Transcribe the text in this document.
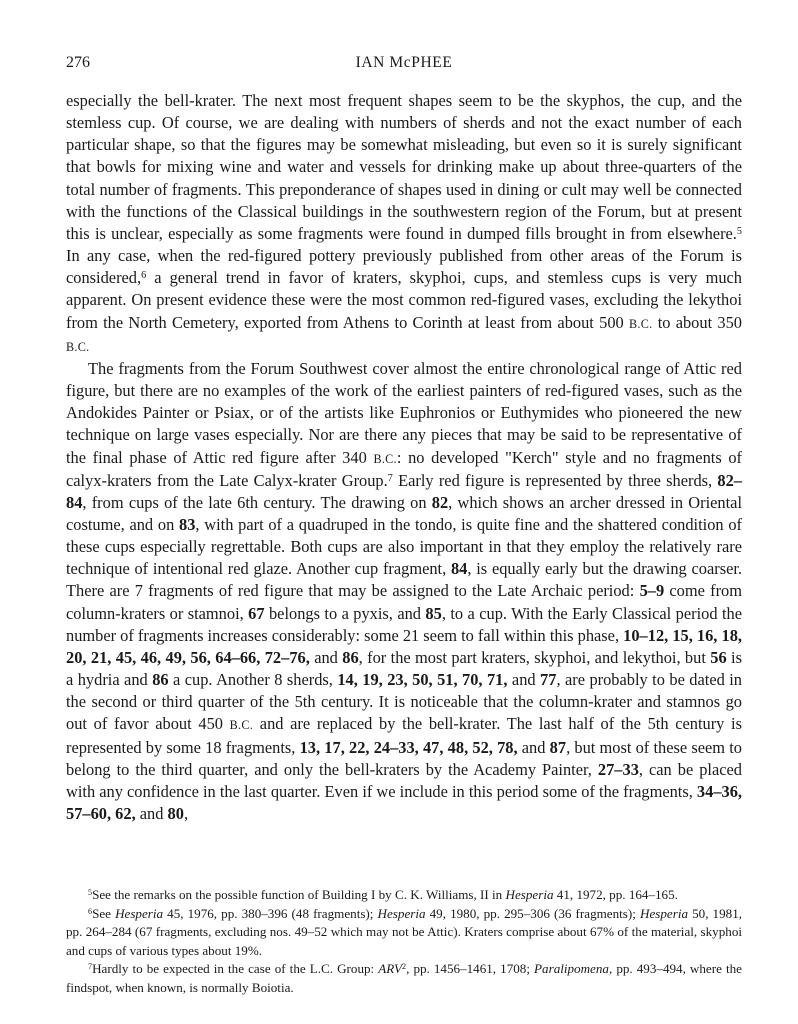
276	IAN McPHEE

especially the bell-krater. The next most frequent shapes seem to be the skyphos, the cup, and the stemless cup. Of course, we are dealing with numbers of sherds and not the exact number of each particular shape, so that the figures may be somewhat misleading, but even so it is surely significant that bowls for mixing wine and water and vessels for drinking make up about three-quarters of the total number of fragments. This preponderance of shapes used in dining or cult may well be connected with the functions of the Classical buildings in the southwestern region of the Forum, but at present this is unclear, especially as some fragments were found in dumped fills brought in from elsewhere.$^5$ In any case, when the red-figured pottery previously published from other areas of the Forum is considered,$^6$ a general trend in favor of kraters, skyphoi, cups, and stemless cups is very much apparent. On present evidence these were the most common red-figured vases, excluding the lekythoi from the North Cemetery, exported from Athens to Corinth at least from about 500 B.C. to about 350 B.C.

The fragments from the Forum Southwest cover almost the entire chronological range of Attic red figure, but there are no examples of the work of the earliest painters of red-figured vases, such as the Andokides Painter or Psiax, or of the artists like Euphronios or Euthymides who pioneered the new technique on large vases especially. Nor are there any pieces that may be said to be representative of the final phase of Attic red figure after 340 B.C.: no developed "Kerch" style and no fragments of calyx-kraters from the Late Calyx-krater Group.$^7$ Early red figure is represented by three sherds, 82–84, from cups of the late 6th century. The drawing on 82, which shows an archer dressed in Oriental costume, and on 83, with part of a quadruped in the tondo, is quite fine and the shattered condition of these cups especially regrettable. Both cups are also important in that they employ the relatively rare technique of intentional red glaze. Another cup fragment, 84, is equally early but the drawing coarser. There are 7 fragments of red figure that may be assigned to the Late Archaic period: 5–9 come from column-kraters or stamnoi, 67 belongs to a pyxis, and 85, to a cup. With the Early Classical period the number of fragments increases considerably: some 21 seem to fall within this phase, 10–12, 15, 16, 18, 20, 21, 45, 46, 49, 56, 64–66, 72–76, and 86, for the most part kraters, skyphoi, and lekythoi, but 56 is a hydria and 86 a cup. Another 8 sherds, 14, 19, 23, 50, 51, 70, 71, and 77, are probably to be dated in the second or third quarter of the 5th century. It is noticeable that the column-krater and stamnos go out of favor about 450 B.C. and are replaced by the bell-krater. The last half of the 5th century is represented by some 18 fragments, 13, 17, 22, 24–33, 47, 48, 52, 78, and 87, but most of these seem to belong to the third quarter, and only the bell-kraters by the Academy Painter, 27–33, can be placed with any confidence in the last quarter. Even if we include in this period some of the fragments, 34–36, 57–60, 62, and 80,

$^5$See the remarks on the possible function of Building I by C. K. Williams, II in Hesperia 41, 1972, pp. 164–165.

$^6$See Hesperia 45, 1976, pp. 380–396 (48 fragments); Hesperia 49, 1980, pp. 295–306 (36 fragments); Hesperia 50, 1981, pp. 264–284 (67 fragments, excluding nos. 49–52 which may not be Attic). Kraters comprise about 67% of the material, skyphoi and cups of various types about 19%.

$^7$Hardly to be expected in the case of the L.C. Group: ARV$^2$, pp. 1456–1461, 1708; Paralipomena, pp. 493–494, where the findspot, when known, is normally Boiotia.
